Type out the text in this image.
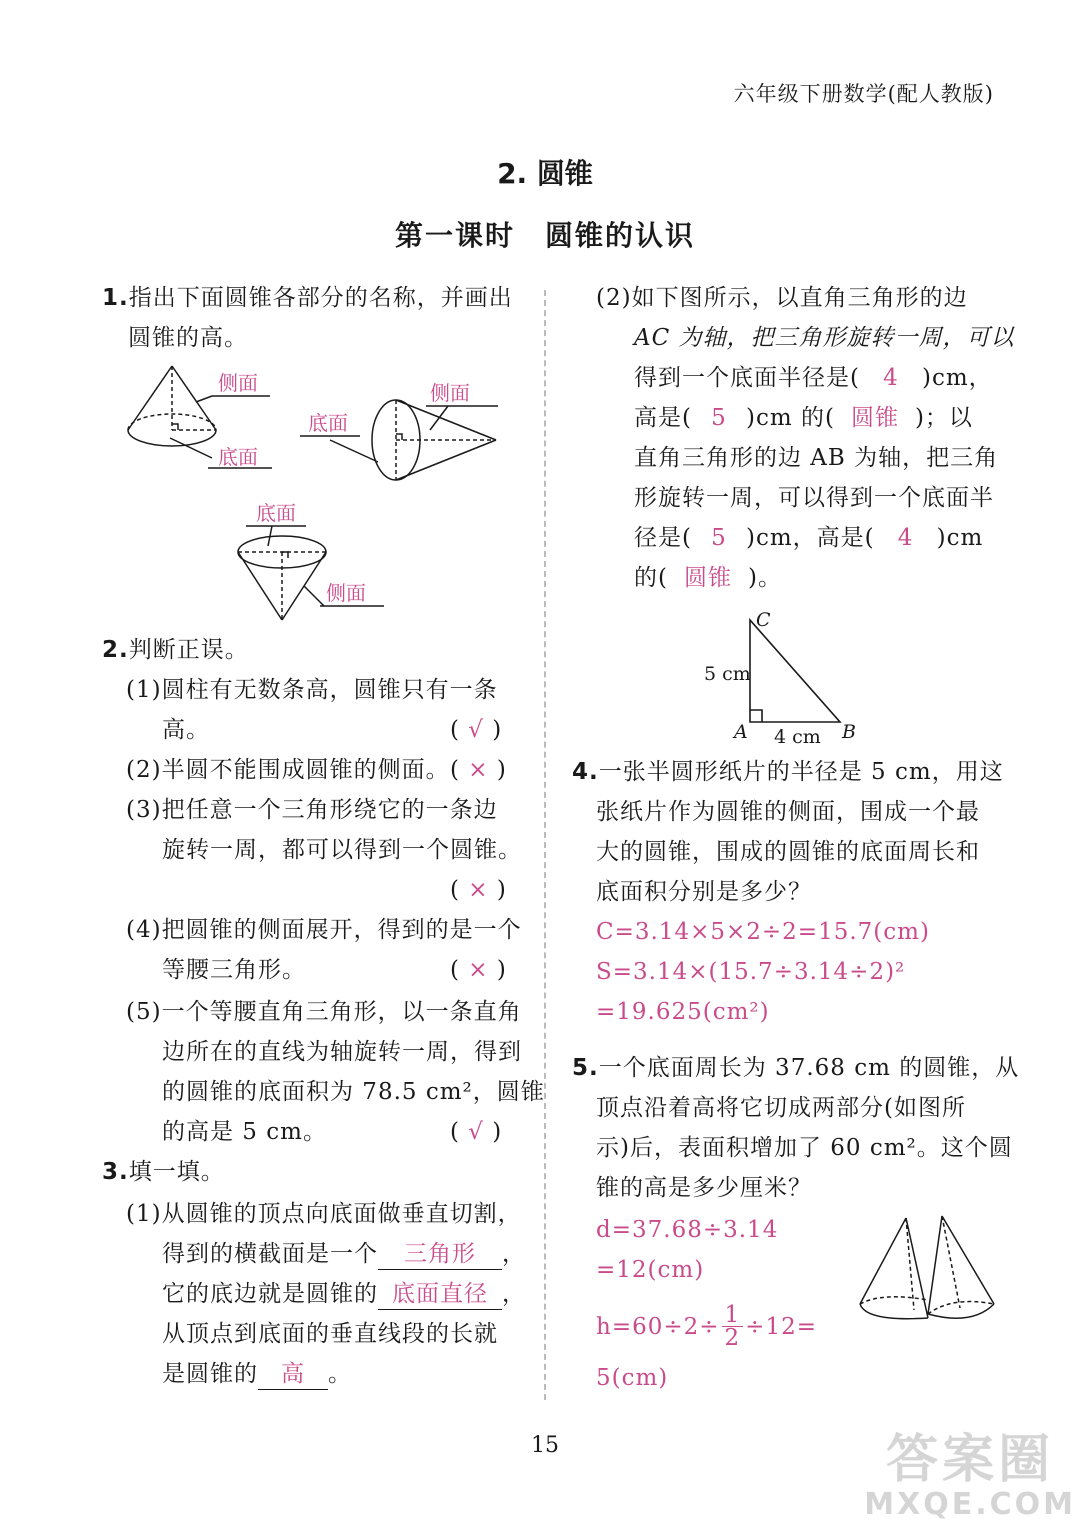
六年级下册数学(配人教版)
2. 圆锥
第一课时　圆锥的认识
1.指出下面圆锥各部分的名称，并画出
圆锥的高。
侧面
底面
底面
侧面
底面
侧面
2.判断正误。
(1)圆柱有无数条高，圆锥只有一条
高。	( √ )
(2)半圆不能围成圆锥的侧面。 ( × )
(3)把任意一个三角形绕它的一条边
旋转一周，都可以得到一个圆锥。
( × )
(4)把圆锥的侧面展开，得到的是一个
等腰三角形。	( × )
(5)一个等腰直角三角形，以一条直角
边所在的直线为轴旋转一周，得到
的圆锥的底面积为 78.5 cm²，圆锥
的高是 5 cm。	( √ )
3.填一填。
(1)从圆锥的顶点向底面做垂直切割，
得到的横截面是一个 三角形 ，
它的底边就是圆锥的 底面直径 ，
从顶点到底面的垂直线段的长就
是圆锥的 高 。
(2)如下图所示，以直角三角形的边
AC 为轴，把三角形旋转一周，可以
得到一个底面半径是( 4 )cm，
高是( 5 )cm 的( 圆锥 )；以
直角三角形的边 AB 为轴，把三角
形旋转一周，可以得到一个底面半
径是( 5 )cm，高是( 4 )cm
的( 圆锥 )。
C
A	B
5 cm
4 cm
4.一张半圆形纸片的半径是 5 cm，用这
张纸片作为圆锥的侧面，围成一个最
大的圆锥，围成的圆锥的底面周长和
底面积分别是多少？
C=3.14×5×2÷2=15.7(cm)
S=3.14×(15.7÷3.14÷2)²
=19.625(cm²)
5.一个底面周长为 37.68 cm 的圆锥，从
顶点沿着高将它切成两部分(如图所
示)后，表面积增加了 60 cm²。这个圆
锥的高是多少厘米？
d=37.68÷3.14
=12(cm)
$h=60\div 2\div \frac{1}{2} \div 12=$
5(cm)
15	答案圈
MXQE.COM
